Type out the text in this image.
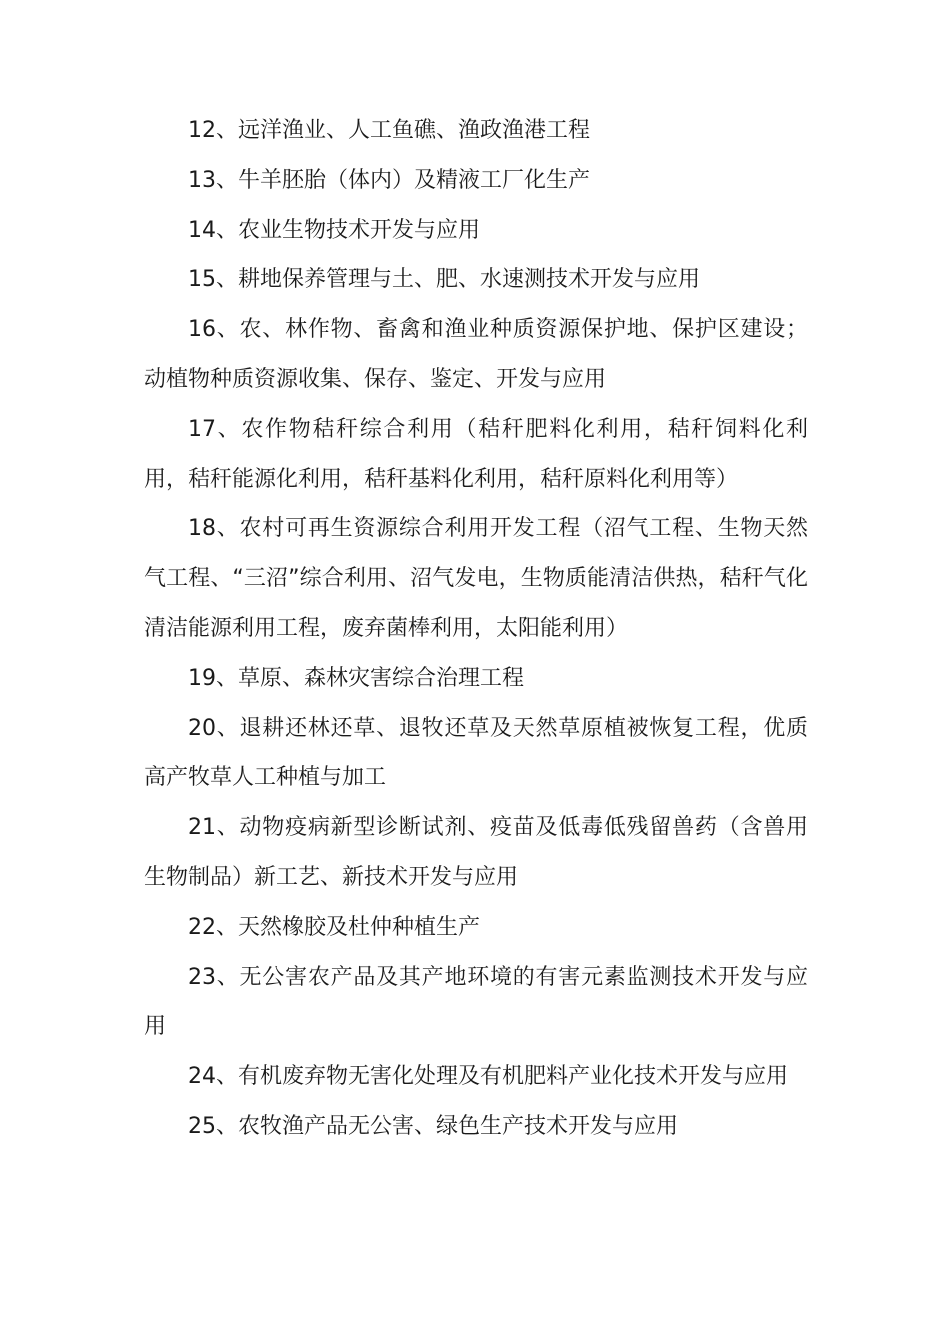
12、远洋渔业、人工鱼礁、渔政渔港工程

13、牛羊胚胎（体内）及精液工厂化生产

14、农业生物技术开发与应用

15、耕地保养管理与土、肥、水速测技术开发与应用

16、农、林作物、畜禽和渔业种质资源保护地、保护区建设；动植物种质资源收集、保存、鉴定、开发与应用

17、农作物秸秆综合利用（秸秆肥料化利用，秸秆饲料化利用，秸秆能源化利用，秸秆基料化利用，秸秆原料化利用等）

18、农村可再生资源综合利用开发工程（沼气工程、生物天然气工程、“三沼”综合利用、沼气发电，生物质能清洁供热，秸秆气化清洁能源利用工程，废弃菌棒利用，太阳能利用）

19、草原、森林灾害综合治理工程

20、退耕还林还草、退牧还草及天然草原植被恢复工程，优质高产牧草人工种植与加工

21、动物疫病新型诊断试剂、疫苗及低毒低残留兽药（含兽用生物制品）新工艺、新技术开发与应用

22、天然橡胶及杜仲种植生产

23、无公害农产品及其产地环境的有害元素监测技术开发与应用

24、有机废弃物无害化处理及有机肥料产业化技术开发与应用

25、农牧渔产品无公害、绿色生产技术开发与应用
